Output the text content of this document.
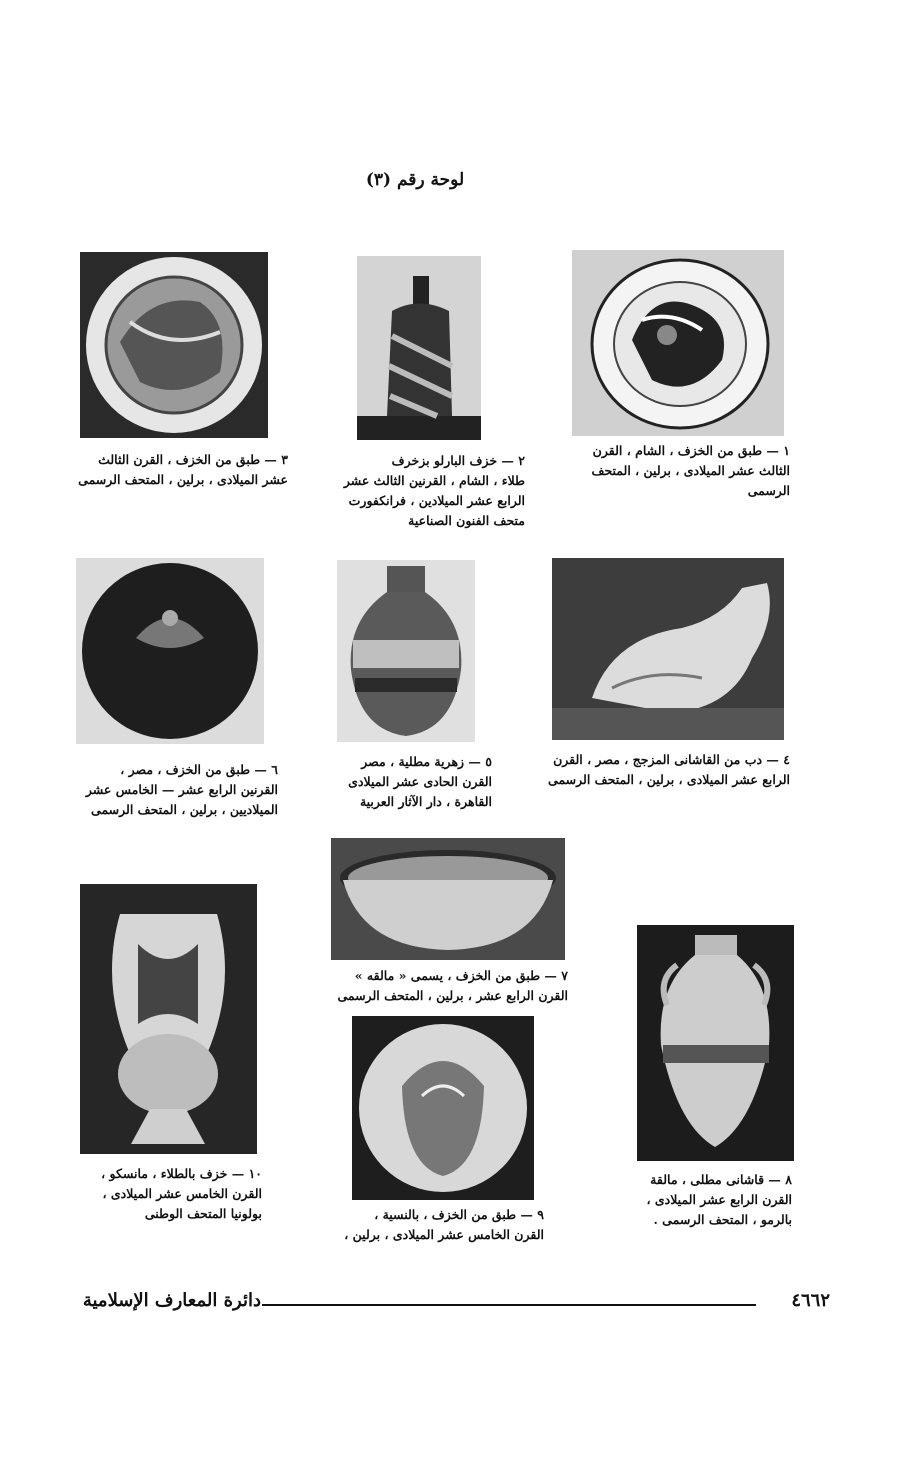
لوحة رقم (٣)
١ — طبق من الخزف ، الشام ، القرن
الثالث عشر الميلادى ، برلين ، المتحف
الرسمى
٢ — خزف البارلو بزخرف
طلاء ، الشام ، القرنين الثالث عشر
الرابع عشر الميلادين ، فرانكفورت
متحف الفنون الصناعية
٣ — طبق من الخزف ، القرن الثالث
عشر الميلادى ، برلين ، المتحف الرسمى
٤ — دب من القاشانى المزجج ، مصر ، القرن
الرابع عشر الميلادى ، برلين ، المتحف الرسمى
٥ — زهرية مطلية ، مصر
القرن الحادى عشر الميلادى
القاهرة ، دار الآثار العربية
٦ — طبق من الخزف ، مصر ،
القرنين الرابع عشر — الخامس عشر
الميلاديين ، برلين ، المتحف الرسمى
٧ — طبق من الخزف ، يسمى « مالقه »
القرن الرابع عشر ، برلين ، المتحف الرسمى
٨ — قاشانى مطلى ، مالقة
القرن الرابع عشر الميلادى ،
بالرمو ، المتحف الرسمى .
٩ — طبق من الخزف ، بالنسية ،
القرن الخامس عشر الميلادى ، برلين ،
١٠ — خزف بالطلاء ، مانسكو ،
القرن الخامس عشر الميلادى ،
بولونيا المتحف الوطنى
دائرة المعارف الإسلامية	٤٦٦٢
